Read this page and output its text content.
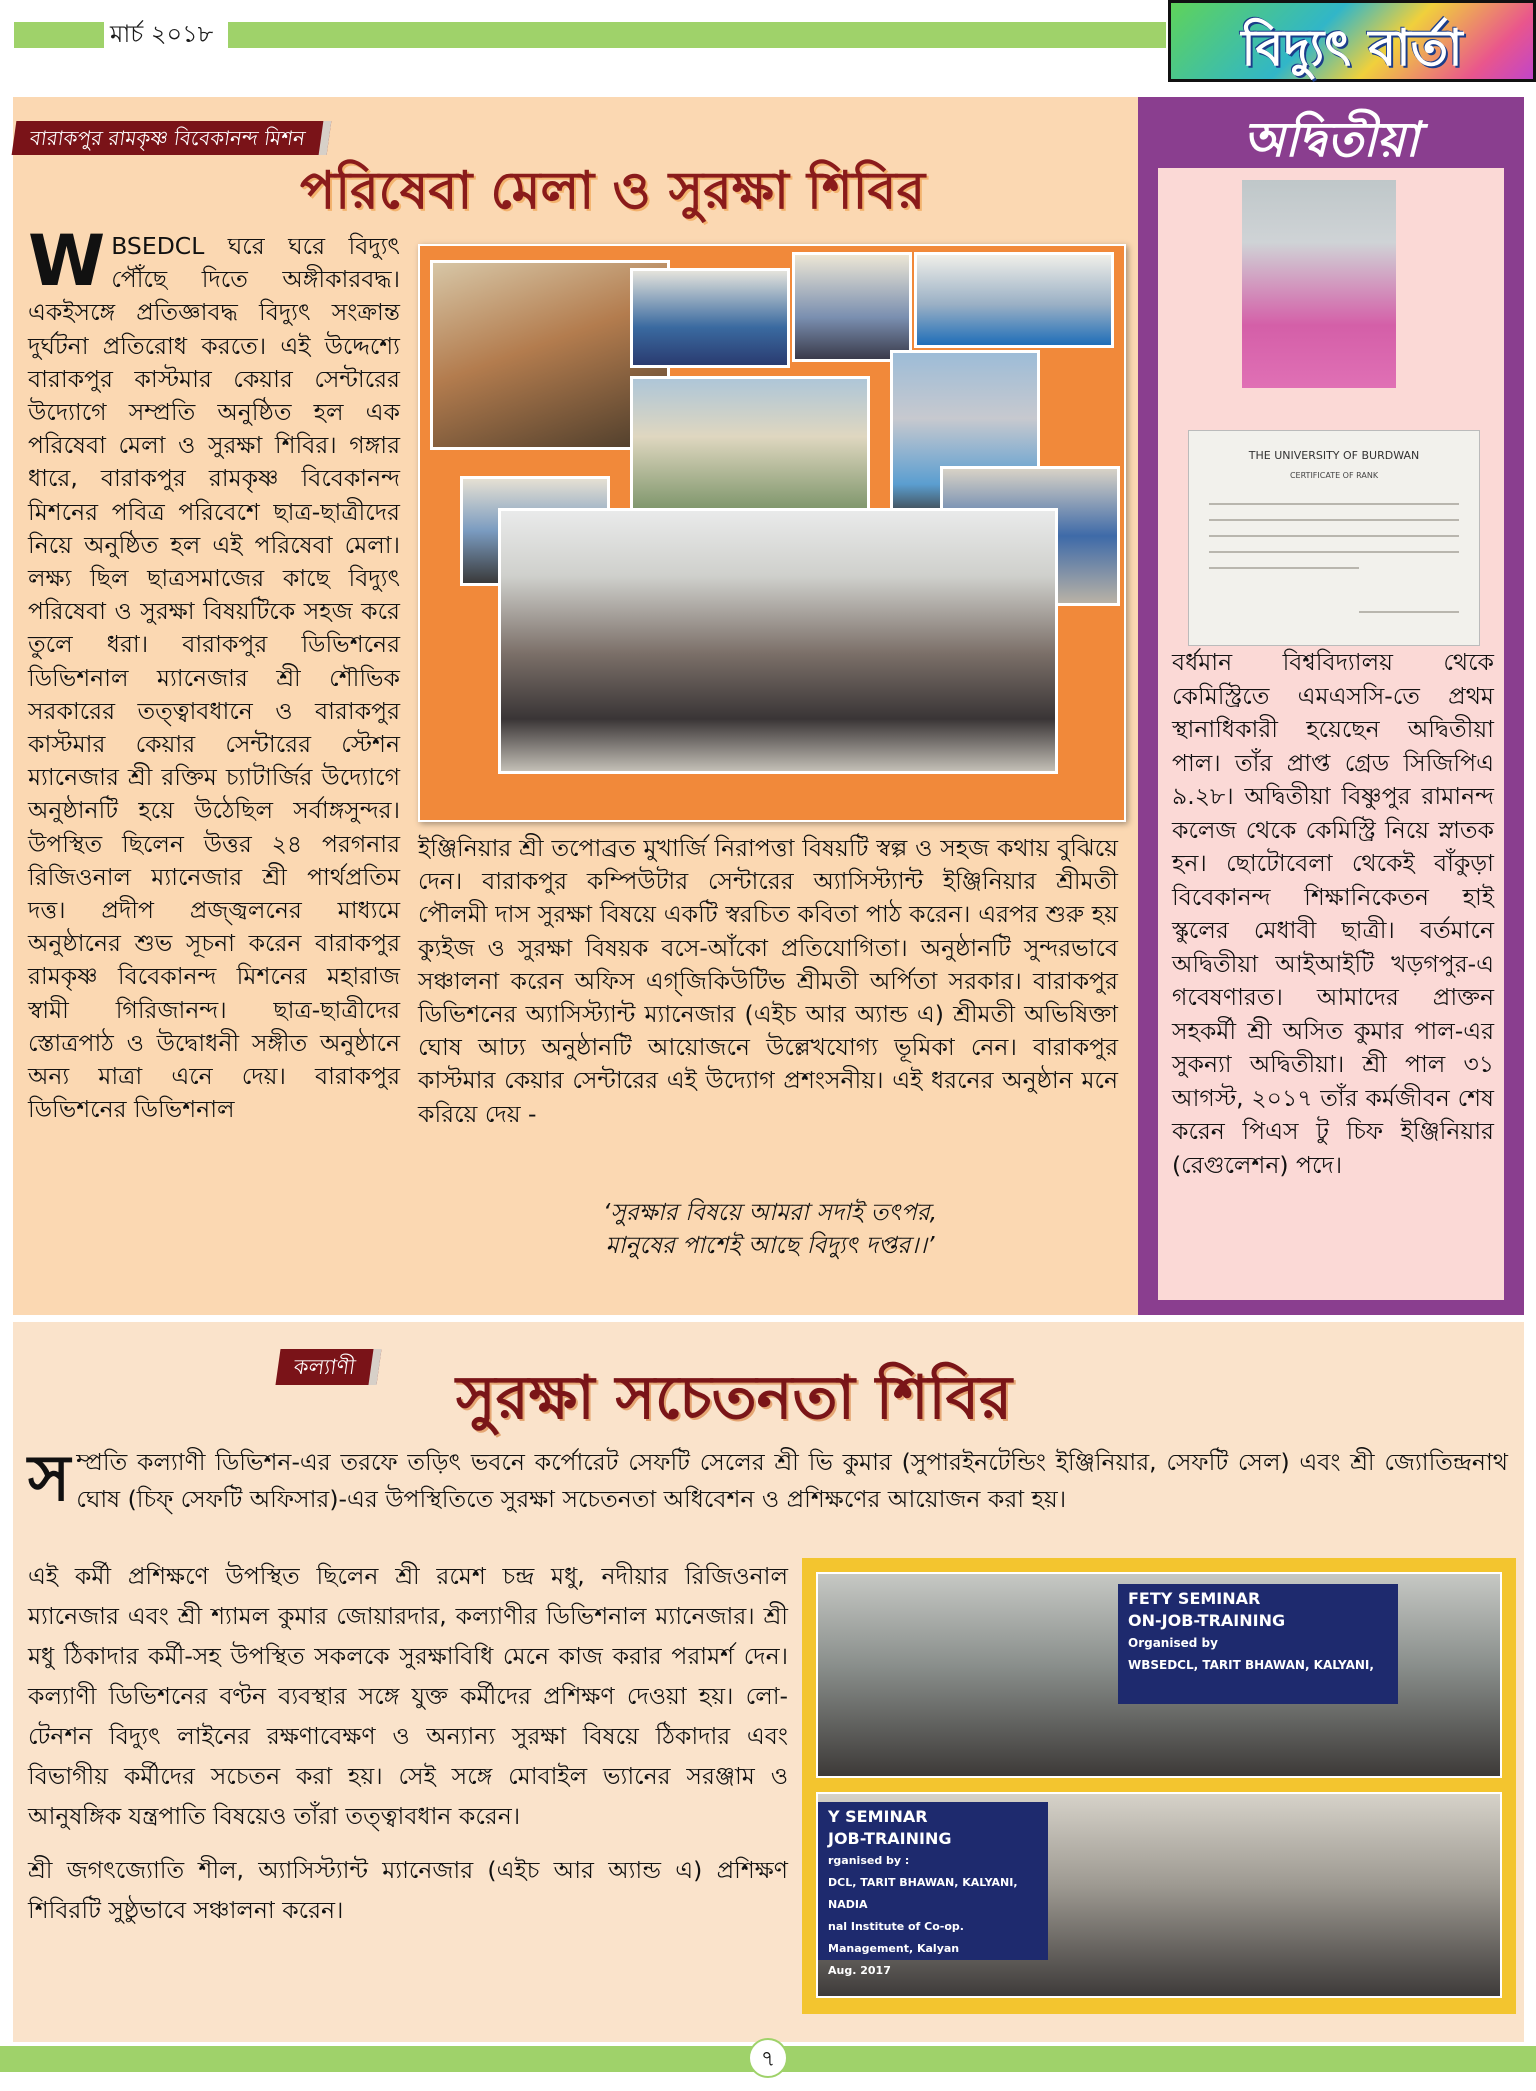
মার্চ ২০১৮	বিদ্যুৎ বার্তা
বারাকপুর রামকৃষ্ণ বিবেকানন্দ মিশন
পরিষেবা মেলা ও সুরক্ষা শিবির
WBSEDCL ঘরে ঘরে বিদ্যুৎ পৌঁছে দিতে অঙ্গীকারবদ্ধ। একইসঙ্গে প্রতিজ্ঞাবদ্ধ বিদ্যুৎ সংক্রান্ত দুর্ঘটনা প্রতিরোধ করতে। এই উদ্দেশ্যে বারাকপুর কাস্টমার কেয়ার সেন্টারের উদ্যোগে সম্প্রতি অনুষ্ঠিত হল এক পরিষেবা মেলা ও সুরক্ষা শিবির। গঙ্গার ধারে, বারাকপুর রামকৃষ্ণ বিবেকানন্দ মিশনের পবিত্র পরিবেশে ছাত্র-ছাত্রীদের নিয়ে অনুষ্ঠিত হল এই পরিষেবা মেলা। লক্ষ্য ছিল ছাত্রসমাজের কাছে বিদ্যুৎ পরিষেবা ও সুরক্ষা বিষয়টিকে সহজ করে তুলে ধরা। বারাকপুর ডিভিশনের ডিভিশনাল ম্যানেজার শ্রী শৌভিক সরকারের তত্ত্বাবধানে ও বারাকপুর কাস্টমার কেয়ার সেন্টারের স্টেশন ম্যানেজার শ্রী রক্তিম চ্যাটার্জির উদ্যোগে অনুষ্ঠানটি হয়ে উঠেছিল সর্বাঙ্গসুন্দর। উপস্থিত ছিলেন উত্তর ২৪ পরগনার রিজিওনাল ম্যানেজার শ্রী পার্থপ্রতিম দত্ত। প্রদীপ প্রজ্জ্বলনের মাধ্যমে অনুষ্ঠানের শুভ সূচনা করেন বারাকপুর রামকৃষ্ণ বিবেকানন্দ মিশনের মহারাজ স্বামী গিরিজানন্দ। ছাত্র-ছাত্রীদের স্তোত্রপাঠ ও উদ্বোধনী সঙ্গীত অনুষ্ঠানে অন্য মাত্রা এনে দেয়। বারাকপুর ডিভিশনের ডিভিশনাল
ইঞ্জিনিয়ার শ্রী তপোব্রত মুখার্জি নিরাপত্তা বিষয়টি স্বল্প ও সহজ কথায় বুঝিয়ে দেন। বারাকপুর কম্পিউটার সেন্টারের অ্যাসিস্ট্যান্ট ইঞ্জিনিয়ার শ্রীমতী পৌলমী দাস সুরক্ষা বিষয়ে একটি স্বরচিত কবিতা পাঠ করেন। এরপর শুরু হয় ক্যুইজ ও সুরক্ষা বিষয়ক বসে-আঁকো প্রতিযোগিতা। অনুষ্ঠানটি সুন্দরভাবে সঞ্চালনা করেন অফিস এগ্‌জিকিউটিভ শ্রীমতী অর্পিতা সরকার। বারাকপুর ডিভিশনের অ্যাসিস্ট্যান্ট ম্যানেজার (এইচ আর অ্যান্ড এ) শ্রীমতী অভিষিক্তা ঘোষ আঢ্য অনুষ্ঠানটি আয়োজনে উল্লেখযোগ্য ভূমিকা নেন। বারাকপুর কাস্টমার কেয়ার সেন্টারের এই উদ্যোগ প্রশংসনীয়। এই ধরনের অনুষ্ঠান মনে করিয়ে দেয় -

‘সুরক্ষার বিষয়ে আমরা সদাই তৎপর,

মানুষের পাশেই আছে বিদ্যুৎ দপ্তর।।’

অদ্বিতীয়া
THE UNIVERSITY OF BURDWAN
CERTIFICATE OF RANK
বর্ধমান বিশ্ববিদ্যালয় থেকে কেমিস্ট্রিতে এমএসসি-তে প্রথম স্থানাধিকারী হয়েছেন অদ্বিতীয়া পাল। তাঁর প্রাপ্ত গ্রেড সিজিপিএ ৯.২৮। অদ্বিতীয়া বিষ্ণুপুর রামানন্দ কলেজ থেকে কেমিস্ট্রি নিয়ে স্নাতক হন। ছোটোবেলা থেকেই বাঁকুড়া বিবেকানন্দ শিক্ষানিকেতন হাই স্কুলের মেধাবী ছাত্রী। বর্তমানে অদ্বিতীয়া আইআইটি খড়গপুর-এ গবেষণারত। আমাদের প্রাক্তন সহকর্মী শ্রী অসিত কুমার পাল-এর সুকন্যা অদ্বিতীয়া। শ্রী পাল ৩১ আগস্ট, ২০১৭ তাঁর কর্মজীবন শেষ করেন পিএস টু চিফ ইঞ্জিনিয়ার (রেগুলেশন) পদে।
কল্যাণী	সুরক্ষা সচেতনতা শিবির
সম্প্রতি কল্যাণী ডিভিশন-এর তরফে তড়িৎ ভবনে কর্পোরেট সেফটি সেলের শ্রী ভি কুমার (সুপারইনটেন্ডিং ইঞ্জিনিয়ার, সেফটি সেল) এবং শ্রী জ্যোতিন্দ্রনাথ ঘোষ (চিফ্ সেফটি অফিসার)-এর উপস্থিতিতে সুরক্ষা সচেতনতা অধিবেশন ও প্রশিক্ষণের আয়োজন করা হয়।

এই কর্মী প্রশিক্ষণে উপস্থিত ছিলেন শ্রী রমেশ চন্দ্র মধু, নদীয়ার রিজিওনাল ম্যানেজার এবং শ্রী শ্যামল কুমার জোয়ারদার, কল্যাণীর ডিভিশনাল ম্যানেজার। শ্রী মধু ঠিকাদার কর্মী-সহ উপস্থিত সকলকে সুরক্ষাবিধি মেনে কাজ করার পরামর্শ দেন। কল্যাণী ডিভিশনের বণ্টন ব্যবস্থার সঙ্গে যুক্ত কর্মীদের প্রশিক্ষণ দেওয়া হয়। লো-টেনশন বিদ্যুৎ লাইনের রক্ষণাবেক্ষণ ও অন্যান্য সুরক্ষা বিষয়ে ঠিকাদার এবং বিভাগীয় কর্মীদের সচেতন করা হয়। সেই সঙ্গে মোবাইল ভ্যানের সরঞ্জাম ও আনুষঙ্গিক যন্ত্রপাতি বিষয়েও তাঁরা তত্ত্বাবধান করেন।

শ্রী জগৎজ্যোতি শীল, অ্যাসিস্ট্যান্ট ম্যানেজার (এইচ আর অ্যান্ড এ) প্রশিক্ষণ শিবিরটি সুষ্ঠুভাবে সঞ্চালনা করেন।

FETY SEMINAR
ON-JOB-TRAINING
Organised by
WBSEDCL, TARIT BHAWAN, KALYANI,
Y SEMINAR
JOB-TRAINING
rganised by :
DCL, TARIT BHAWAN, KALYANI, NADIA
nal Institute of Co-op. Management, Kalyan
Aug. 2017
৭
